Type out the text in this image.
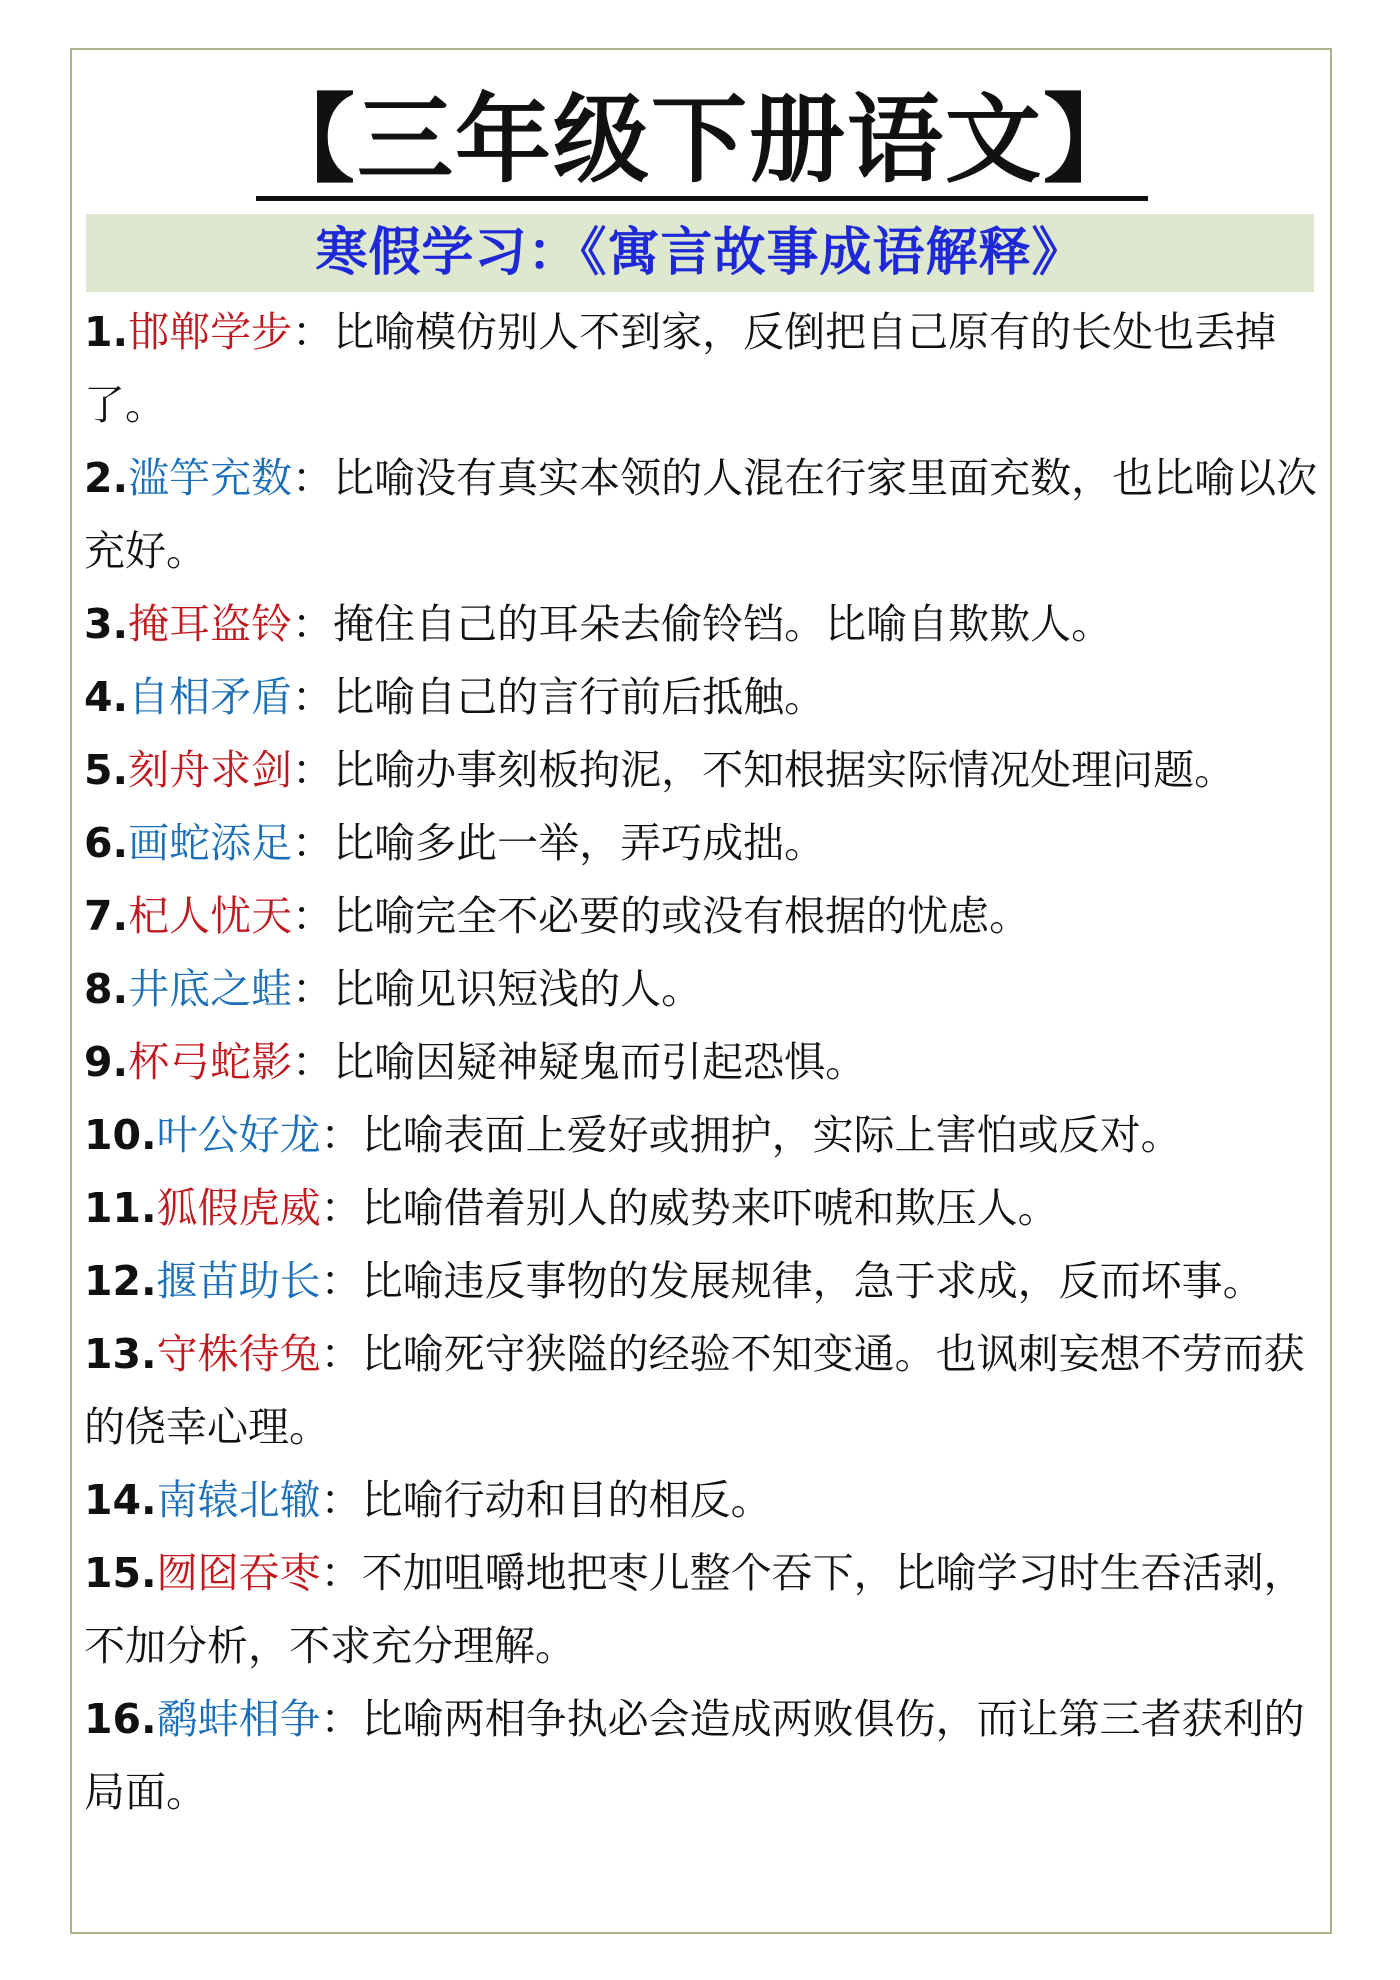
【三年级下册语文】
寒假学习：《寓言故事成语解释》
1.邯郸学步：比喻模仿别人不到家，反倒把自己原有的长处也丢掉了。
2.滥竽充数：比喻没有真实本领的人混在行家里面充数，也比喻以次充好。
3.掩耳盗铃：掩住自己的耳朵去偷铃铛。比喻自欺欺人。
4.自相矛盾：比喻自己的言行前后抵触。
5.刻舟求剑：比喻办事刻板拘泥，不知根据实际情况处理问题。
6.画蛇添足：比喻多此一举，弄巧成拙。
7.杞人忧天：比喻完全不必要的或没有根据的忧虑。
8.井底之蛙：比喻见识短浅的人。
9.杯弓蛇影：比喻因疑神疑鬼而引起恐惧。
10.叶公好龙：比喻表面上爱好或拥护，实际上害怕或反对。
11.狐假虎威：比喻借着别人的威势来吓唬和欺压人。
12.揠苗助长：比喻违反事物的发展规律，急于求成，反而坏事。
13.守株待兔：比喻死守狭隘的经验不知变通。也讽刺妄想不劳而获的侥幸心理。
14.南辕北辙：比喻行动和目的相反。
15.囫囵吞枣：不加咀嚼地把枣儿整个吞下，比喻学习时生吞活剥，不加分析，不求充分理解。
16.鹬蚌相争：比喻两相争执必会造成两败俱伤，而让第三者获利的局面。
